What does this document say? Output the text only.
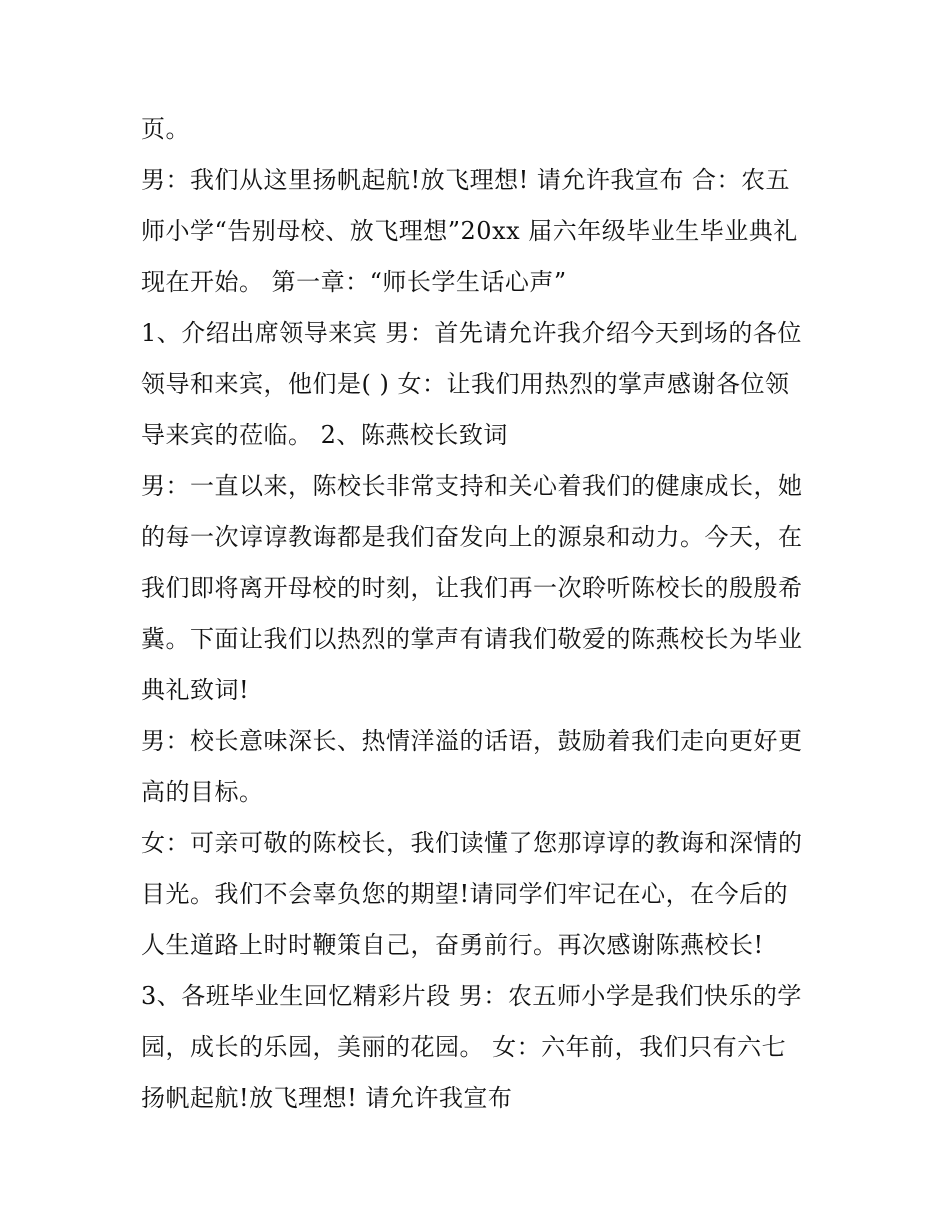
页。
男：我们从这里扬帆起航!放飞理想! 请允许我宣布 合：农五
师小学“告别母校、放飞理想”20xx 届六年级毕业生毕业典礼
现在开始。 第一章：“师长学生话心声”
1、介绍出席领导来宾 男：首先请允许我介绍今天到场的各位
领导和来宾，他们是( ) 女：让我们用热烈的掌声感谢各位领
导来宾的莅临。 2、陈燕校长致词
男：一直以来，陈校长非常支持和关心着我们的健康成长，她
的每一次谆谆教诲都是我们奋发向上的源泉和动力。今天，在
我们即将离开母校的时刻，让我们再一次聆听陈校长的殷殷希
冀。下面让我们以热烈的掌声有请我们敬爱的陈燕校长为毕业
典礼致词!
男：校长意味深长、热情洋溢的话语，鼓励着我们走向更好更
高的目标。
女：可亲可敬的陈校长，我们读懂了您那谆谆的教诲和深情的
目光。我们不会辜负您的期望!请同学们牢记在心，在今后的
人生道路上时时鞭策自己，奋勇前行。再次感谢陈燕校长!
3、各班毕业生回忆精彩片段 男：农五师小学是我们快乐的学
园，成长的乐园，美丽的花园。 女：六年前，我们只有六七
扬帆起航!放飞理想! 请允许我宣布
